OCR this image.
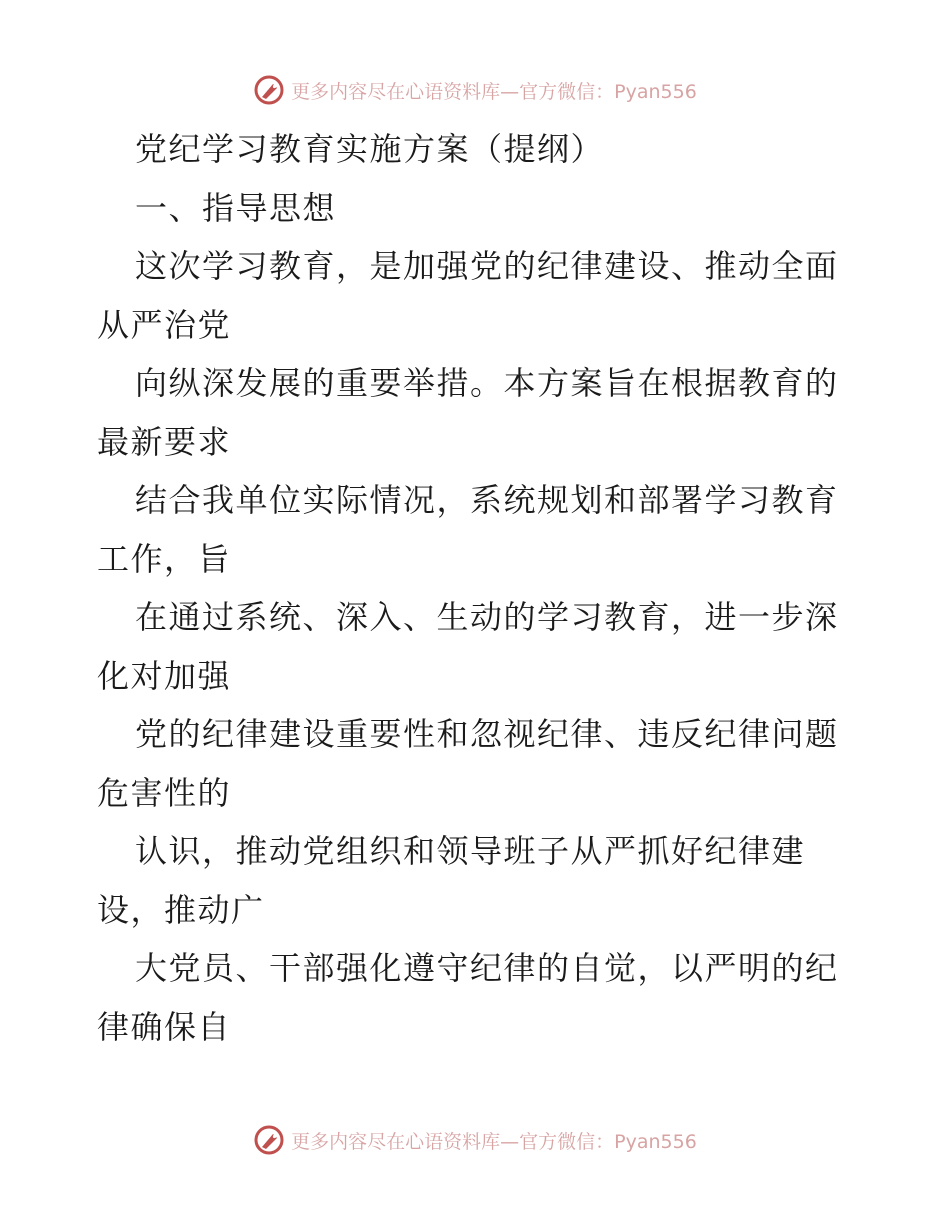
更多内容尽在心语资料库—官方微信：Pyan556
党纪学习教育实施方案（提纲）
一、指导思想
这次学习教育，是加强党的纪律建设、推动全面
从严治党
向纵深发展的重要举措。本方案旨在根据教育的
最新要求
结合我单位实际情况，系统规划和部署学习教育
工作，旨
在通过系统、深入、生动的学习教育，进一步深
化对加强
党的纪律建设重要性和忽视纪律、违反纪律问题
危害性的
认识，推动党组织和领导班子从严抓好纪律建
设，推动广
大党员、干部强化遵守纪律的自觉，以严明的纪
律确保自
更多内容尽在心语资料库—官方微信：Pyan556
